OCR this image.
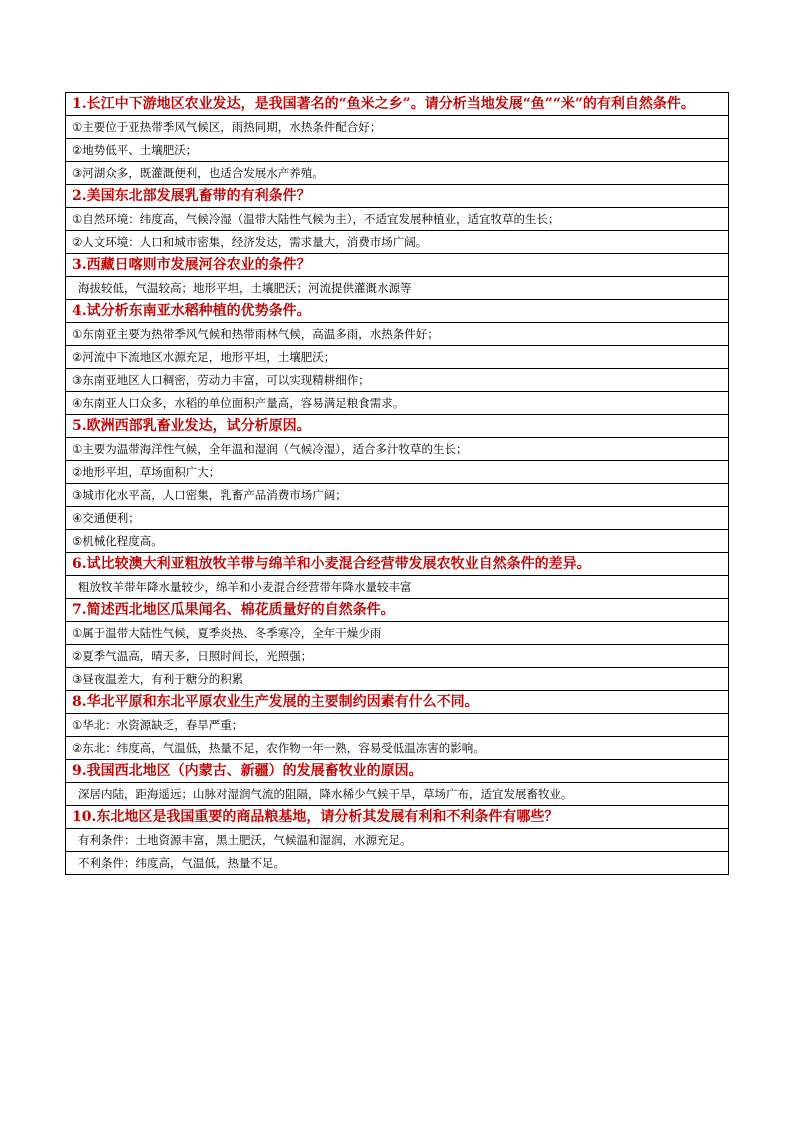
1.长江中下游地区农业发达，是我国著名的“鱼米之乡”。请分析当地发展“鱼”“米”的有利自然条件。
①主要位于亚热带季风气候区，雨热同期，水热条件配合好；
②地势低平、土壤肥沃；
③河湖众多，既灌溉便利，也适合发展水产养殖。
2.美国东北部发展乳畜带的有利条件？
①自然环境：纬度高，气候冷湿（温带大陆性气候为主），不适宜发展种植业，适宜牧草的生长；
②人文环境：人口和城市密集，经济发达，需求量大，消费市场广阔。
3.西藏日喀则市发展河谷农业的条件？
海拔较低，气温较高；地形平坦，土壤肥沃；河流提供灌溉水源等
4.试分析东南亚水稻种植的优势条件。
①东南亚主要为热带季风气候和热带雨林气候，高温多雨，水热条件好；
②河流中下流地区水源充足，地形平坦，土壤肥沃；
③东南亚地区人口稠密，劳动力丰富，可以实现精耕细作；
④东南亚人口众多，水稻的单位面积产量高，容易满足粮食需求。
5.欧洲西部乳畜业发达，试分析原因。
①主要为温带海洋性气候，全年温和湿润（气候冷湿），适合多汁牧草的生长；
②地形平坦，草场面积广大；
③城市化水平高，人口密集，乳畜产品消费市场广阔；
④交通便利；
⑤机械化程度高。
6.试比较澳大利亚粗放牧羊带与绵羊和小麦混合经营带发展农牧业自然条件的差异。
粗放牧羊带年降水量较少，绵羊和小麦混合经营带年降水量较丰富
7.简述西北地区瓜果闻名、棉花质量好的自然条件。
①属于温带大陆性气候，夏季炎热、冬季寒冷，全年干燥少雨
②夏季气温高，晴天多，日照时间长，光照强；
③昼夜温差大，有利于糖分的积累
8.华北平原和东北平原农业生产发展的主要制约因素有什么不同。
①华北：水资源缺乏，春旱严重；
②东北：纬度高，气温低，热量不足，农作物一年一熟，容易受低温冻害的影响。
9.我国西北地区（内蒙古、新疆）的发展畜牧业的原因。
深居内陆，距海遥远；山脉对湿润气流的阻隔，降水稀少气候干旱，草场广布，适宜发展畜牧业。
10.东北地区是我国重要的商品粮基地，请分析其发展有利和不利条件有哪些？
有利条件：土地资源丰富，黑土肥沃，气候温和湿润，水源充足。
不利条件：纬度高，气温低，热量不足。
